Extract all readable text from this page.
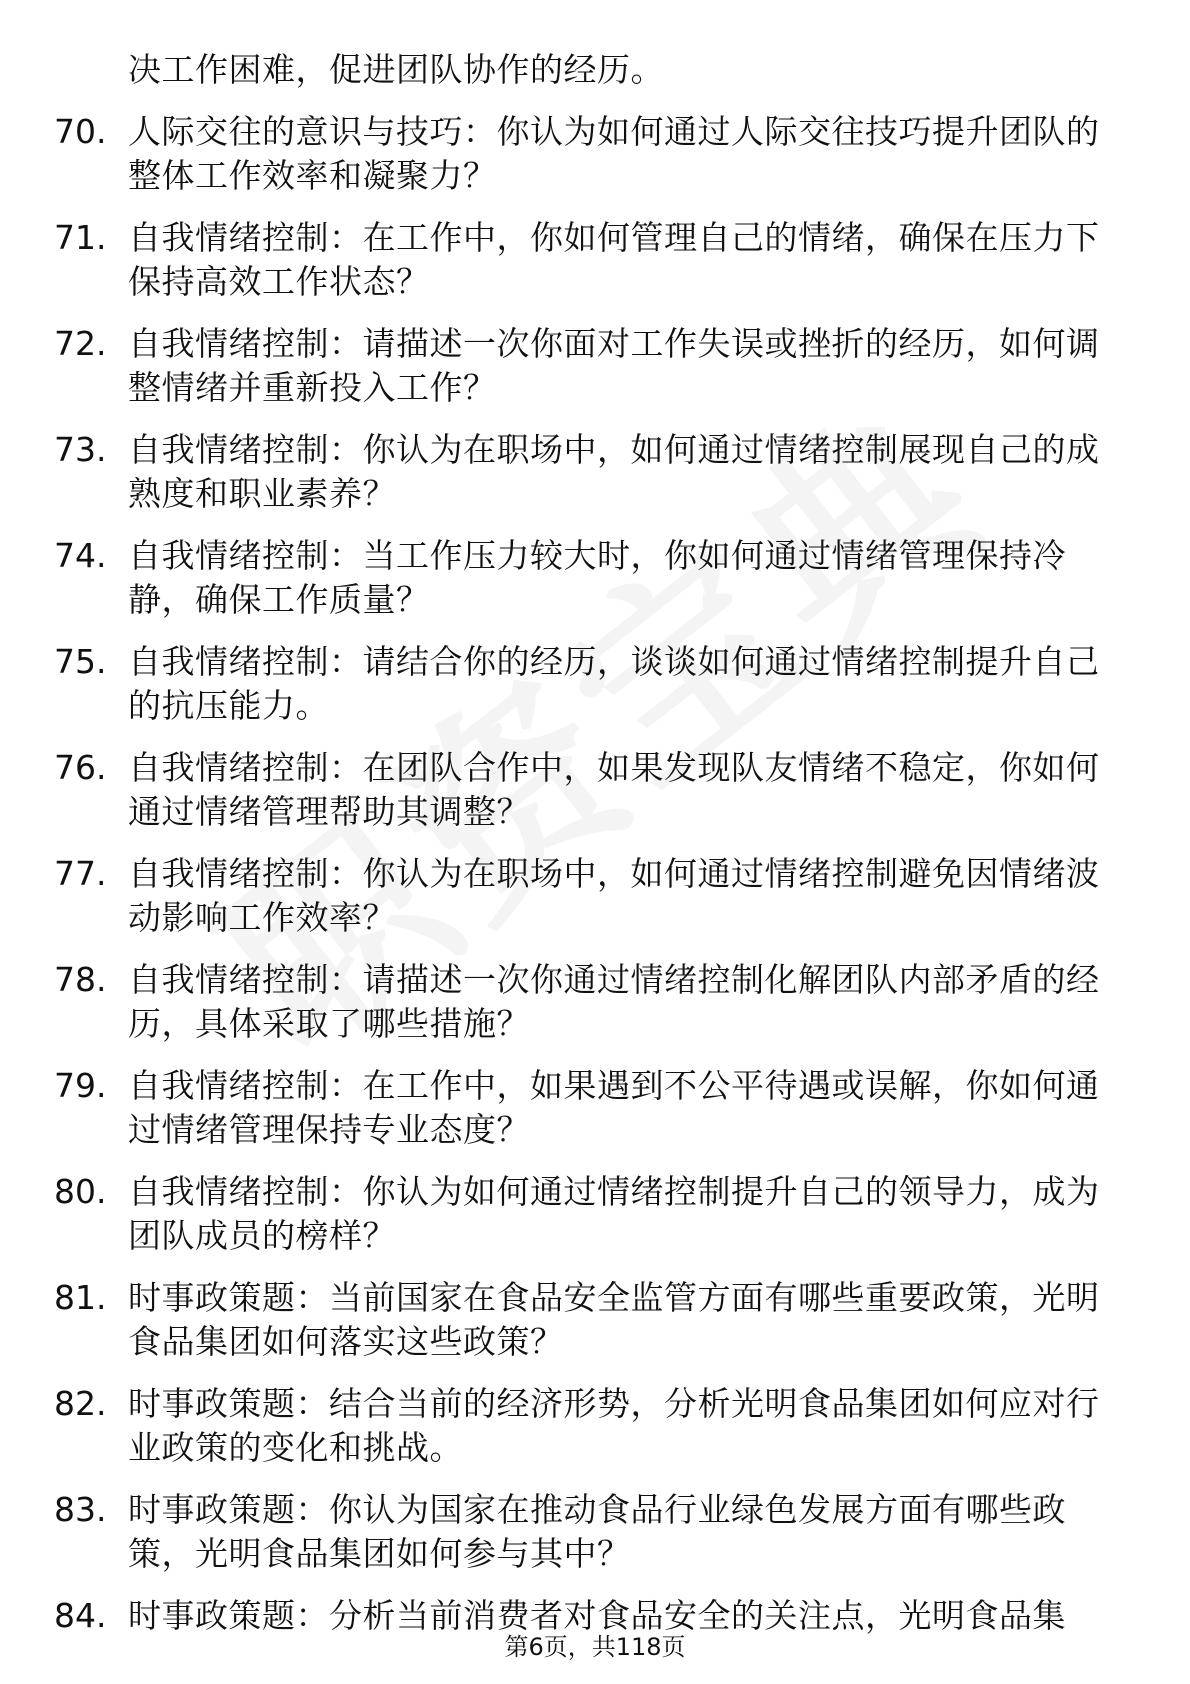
决工作困难，促进团队协作的经历。
70. 人际交往的意识与技巧：你认为如何通过人际交往技巧提升团队的整体工作效率和凝聚力？
71. 自我情绪控制：在工作中，你如何管理自己的情绪，确保在压力下保持高效工作状态？
72. 自我情绪控制：请描述一次你面对工作失误或挫折的经历，如何调整情绪并重新投入工作？
73. 自我情绪控制：你认为在职场中，如何通过情绪控制展现自己的成熟度和职业素养？
74. 自我情绪控制：当工作压力较大时，你如何通过情绪管理保持冷静，确保工作质量？
75. 自我情绪控制：请结合你的经历，谈谈如何通过情绪控制提升自己的抗压能力。
76. 自我情绪控制：在团队合作中，如果发现队友情绪不稳定，你如何通过情绪管理帮助其调整？
77. 自我情绪控制：你认为在职场中，如何通过情绪控制避免因情绪波动影响工作效率？
78. 自我情绪控制：请描述一次你通过情绪控制化解团队内部矛盾的经历，具体采取了哪些措施？
79. 自我情绪控制：在工作中，如果遇到不公平待遇或误解，你如何通过情绪管理保持专业态度？
80. 自我情绪控制：你认为如何通过情绪控制提升自己的领导力，成为团队成员的榜样？
81. 时事政策题：当前国家在食品安全监管方面有哪些重要政策，光明食品集团如何落实这些政策？
82. 时事政策题：结合当前的经济形势，分析光明食品集团如何应对行业政策的变化和挑战。
83. 时事政策题：你认为国家在推动食品行业绿色发展方面有哪些政策，光明食品集团如何参与其中？
84. 时事政策题：分析当前消费者对食品安全的关注点，光明食品集
第6页，共118页
